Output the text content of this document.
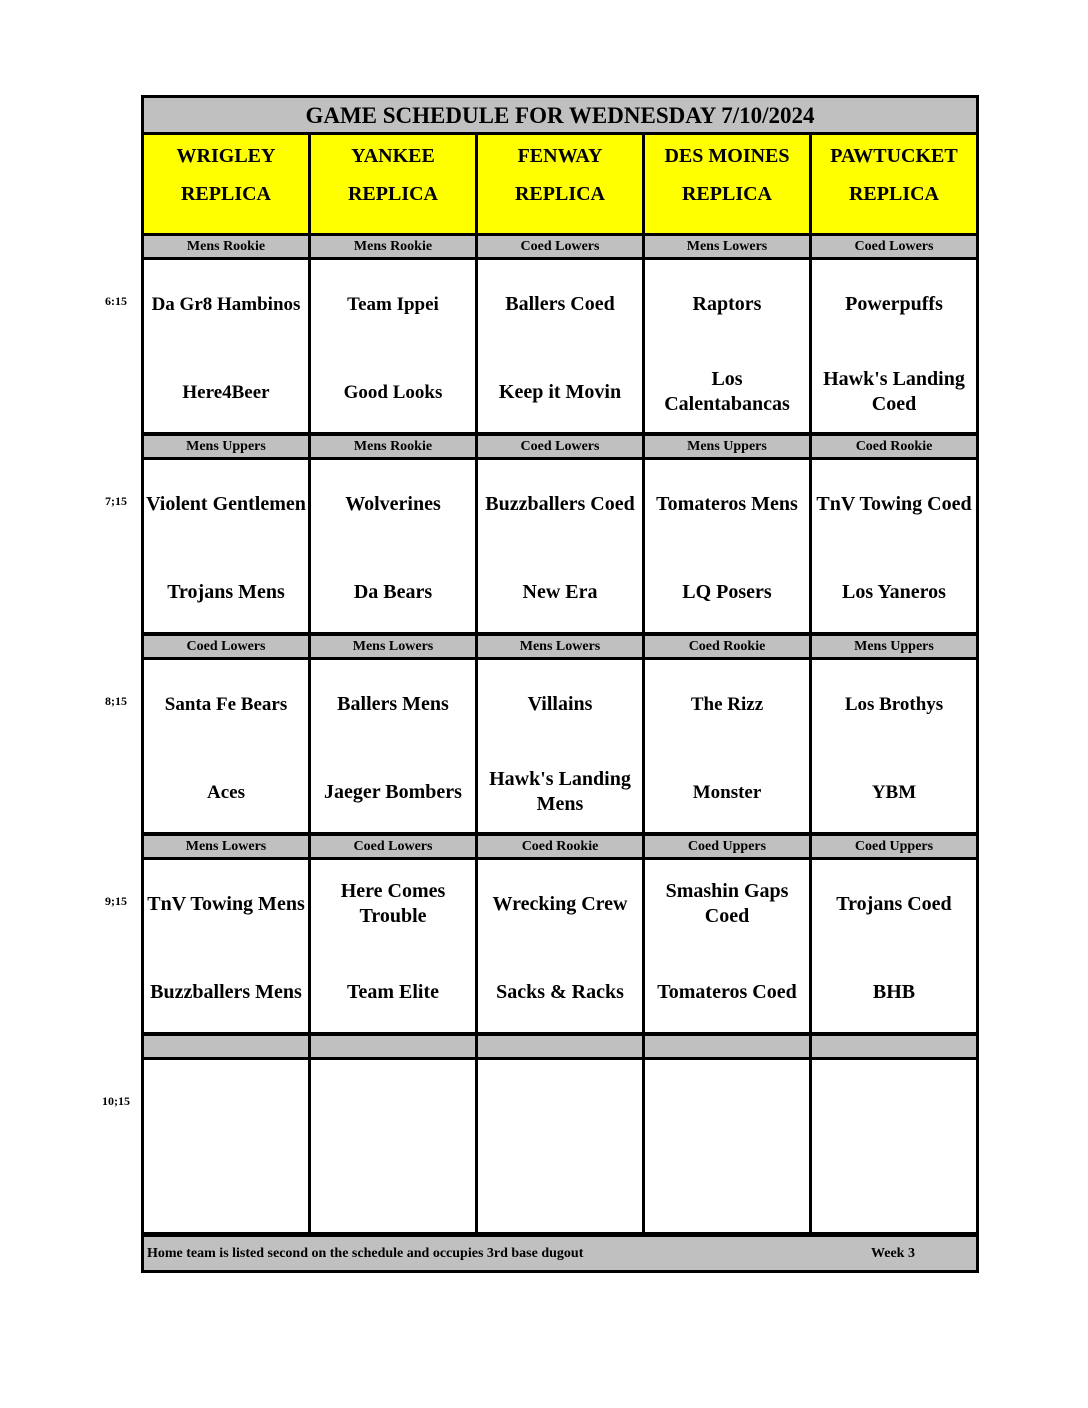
6:15
7;15
8;15
9;15
10;15
GAME SCHEDULE FOR WEDNESDAY 7/10/2024
WRIGLEY
REPLICA
YANKEE
REPLICA
FENWAY
REPLICA
DES MOINES
REPLICA
PAWTUCKET
REPLICA
Mens Rookie
Da Gr8 Hambinos
Here4Beer
Mens Rookie
Team Ippei
Good Looks
Coed Lowers
Ballers Coed
Keep it Movin
Mens Lowers
Raptors
Los Calentabancas
Coed Lowers
Powerpuffs
Hawk's Landing Coed
Mens Uppers
Violent Gentlemen
Trojans Mens
Mens Rookie
Wolverines
Da Bears
Coed Lowers
Buzzballers Coed
New Era
Mens Uppers
Tomateros Mens
LQ Posers
Coed Rookie
TnV Towing Coed
Los Yaneros
Coed Lowers
Santa Fe Bears
Aces
Mens Lowers
Ballers Mens
Jaeger Bombers
Mens Lowers
Villains
Hawk's Landing Mens
Coed Rookie
The Rizz
Monster
Mens Uppers
Los Brothys
YBM
Mens Lowers
TnV Towing Mens
Buzzballers Mens
Coed Lowers
Here Comes Trouble
Team Elite
Coed Rookie
Wrecking Crew
Sacks & Racks
Coed Uppers
Smashin Gaps Coed
Tomateros Coed
Coed Uppers
Trojans Coed
BHB
Home team is listed second on the schedule and occupies 3rd base dugout	Week 3
